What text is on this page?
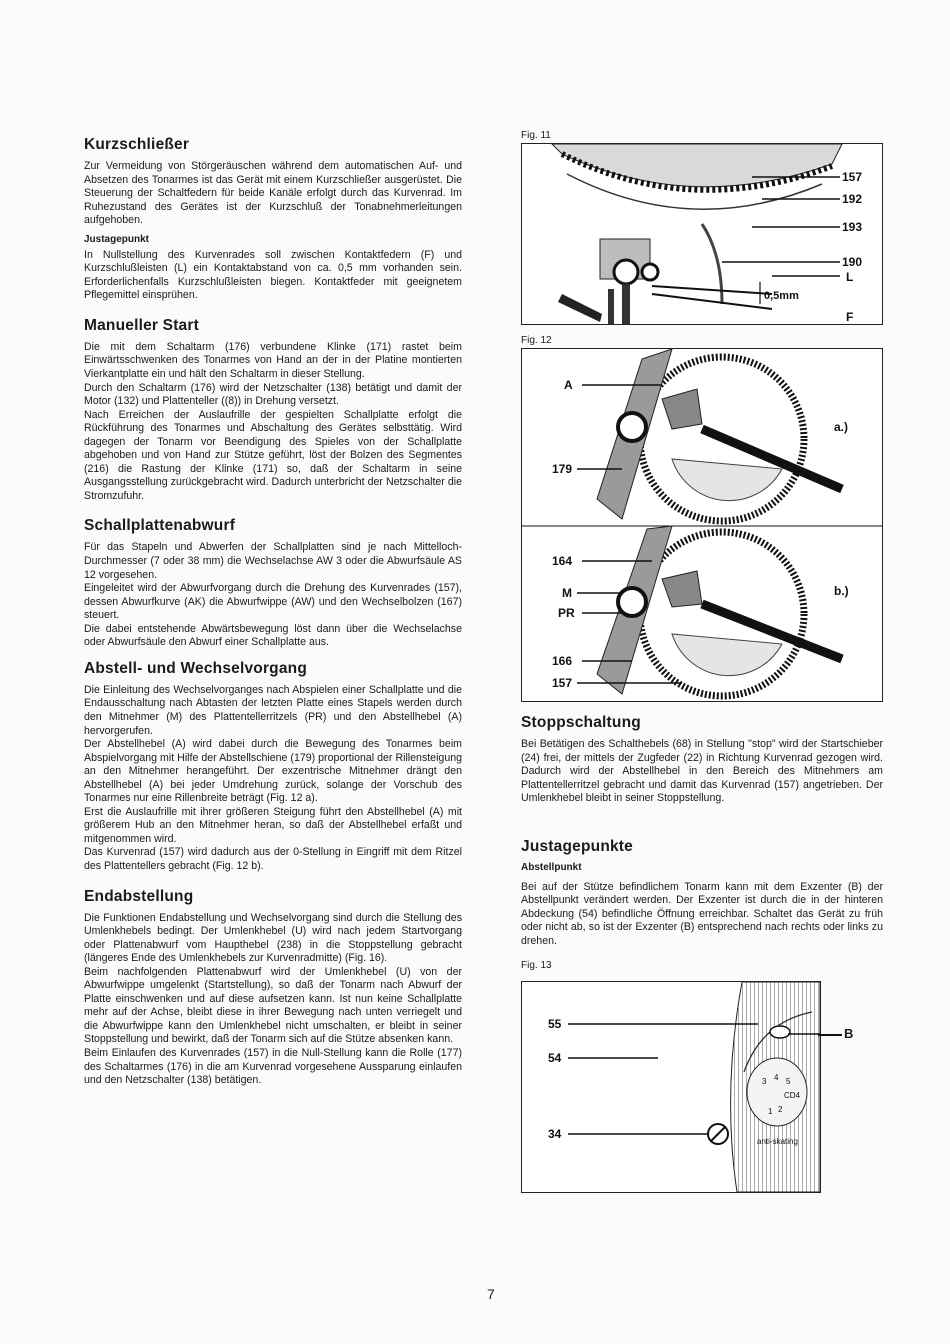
Kurzschließer

Zur Vermeidung von Störgeräuschen während dem automatischen Auf- und Absetzen des Tonarmes ist das Gerät mit einem Kurzschließer ausgerüstet. Die Steuerung der Schaltfedern für beide Kanäle erfolgt durch das Kurvenrad. Im Ruhezustand des Gerätes ist der Kurzschluß der Tonabnehmerleitungen aufgehoben.

Justagepunkt

In Nullstellung des Kurvenrades soll zwischen Kontaktfedern (F) und Kurzschlußleisten (L) ein Kontaktabstand von ca. 0,5 mm vorhanden sein. Erforderlichenfalls Kurzschlußleisten biegen. Kontaktfeder mit geeignetem Pflegemittel einsprühen.

Manueller Start

Die mit dem Schaltarm (176) verbundene Klinke (171) rastet beim Einwärtsschwenken des Tonarmes von Hand an der in der Platine montierten Vierkantplatte ein und hält den Schaltarm in dieser Stellung.

Durch den Schaltarm (176) wird der Netzschalter (138) betätigt und damit der Motor (132) und Plattenteller ((8)) in Drehung versetzt.

Nach Erreichen der Auslaufrille der gespielten Schallplatte erfolgt die Rückführung des Tonarmes und Abschaltung des Gerätes selbsttätig. Wird dagegen der Tonarm vor Beendigung des Spieles von der Schallplatte abgehoben und von Hand zur Stütze geführt, löst der Bolzen des Segmentes (216) die Rastung der Klinke (171) so, daß der Schaltarm in seine Ausgangsstellung zurückgebracht wird. Dadurch unterbricht der Netzschalter die Stromzufuhr.

Schallplattenabwurf

Für das Stapeln und Abwerfen der Schallplatten sind je nach Mittelloch-Durchmesser (7 oder 38 mm) die Wechselachse AW 3 oder die Abwurfsäule AS 12 vorgesehen.

Eingeleitet wird der Abwurfvorgang durch die Drehung des Kurvenrades (157), dessen Abwurfkurve (AK) die Abwurfwippe (AW) und den Wechselbolzen (167) steuert.

Die dabei entstehende Abwärtsbewegung löst dann über die Wechselachse oder Abwurfsäule den Abwurf einer Schallplatte aus.

Abstell- und Wechselvorgang

Die Einleitung des Wechselvorganges nach Abspielen einer Schallplatte und die Endausschaltung nach Abtasten der letzten Platte eines Stapels werden durch den Mitnehmer (M) des Plattentellerritzels (PR) und den Abstellhebel (A) hervorgerufen.

Der Abstellhebel (A) wird dabei durch die Bewegung des Tonarmes beim Abspielvorgang mit Hilfe der Abstellschiene (179) proportional der Rillensteigung an den Mitnehmer herangeführt. Der exzentrische Mitnehmer drängt den Abstellhebel (A) bei jeder Umdrehung zurück, solange der Vorschub des Tonarmes nur eine Rillenbreite beträgt (Fig. 12 a).

Erst die Auslaufrille mit ihrer größeren Steigung führt den Abstellhebel (A) mit größerem Hub an den Mitnehmer heran, so daß der Abstellhebel erfaßt und mitgenommen wird.

Das Kurvenrad (157) wird dadurch aus der 0-Stellung in Eingriff mit dem Ritzel des Plattentellers gebracht (Fig. 12 b).

Endabstellung

Die Funktionen Endabstellung und Wechselvorgang sind durch die Stellung des Umlenkhebels bedingt. Der Umlenkhebel (U) wird nach jedem Startvorgang oder Plattenabwurf vom Haupthebel (238) in die Stoppstellung gebracht (längeres Ende des Umlenkhebels zur Kurvenradmitte) (Fig. 16).

Beim nachfolgenden Plattenabwurf wird der Umlenkhebel (U) von der Abwurfwippe umgelenkt (Startstellung), so daß der Tonarm nach Abwurf der Platte einschwenken und auf diese aufsetzen kann. Ist nun keine Schallplatte mehr auf der Achse, bleibt diese in ihrer Bewegung nach unten verriegelt und die Abwurfwippe kann den Umlenkhebel nicht umschalten, er bleibt in seiner Stoppstellung und bewirkt, daß der Tonarm sich auf die Stütze absenken kann.

Beim Einlaufen des Kurvenrades (157) in die Null-Stellung kann die Rolle (177) des Schaltarmes (176) in die am Kurvenrad vorgesehene Aussparung einlaufen und den Netzschalter (138) betätigen.

Fig. 11
157
192
193
190
L
0,5mm
F
Fig. 12
A
179
a.)
164
M
PR
166
157
b.)
Stoppschaltung

Bei Betätigen des Schalthebels (68) in Stellung "stop" wird der Startschieber (24) frei, der mittels der Zugfeder (22) in Richtung Kurvenrad gezogen wird. Dadurch wird der Abstellhebel in den Bereich des Mitnehmers am Plattentellerritzel gebracht und damit das Kurvenrad (157) angetrieben. Der Umlenkhebel bleibt in seiner Stoppstellung.

Justagepunkte
Abstellpunkt

Bei auf der Stütze befindlichem Tonarm kann mit dem Exzenter (B) der Abstellpunkt verändert werden. Der Exzenter ist durch die in der hinteren Abdeckung (54) befindliche Öffnung erreichbar. Schaltet das Gerät zu früh oder nicht ab, so ist der Exzenter (B) entsprechend nach rechts oder links zu drehen.

Fig. 13
3 4 5
1 2
CD4
anti-skating
55
54
34
B
7
